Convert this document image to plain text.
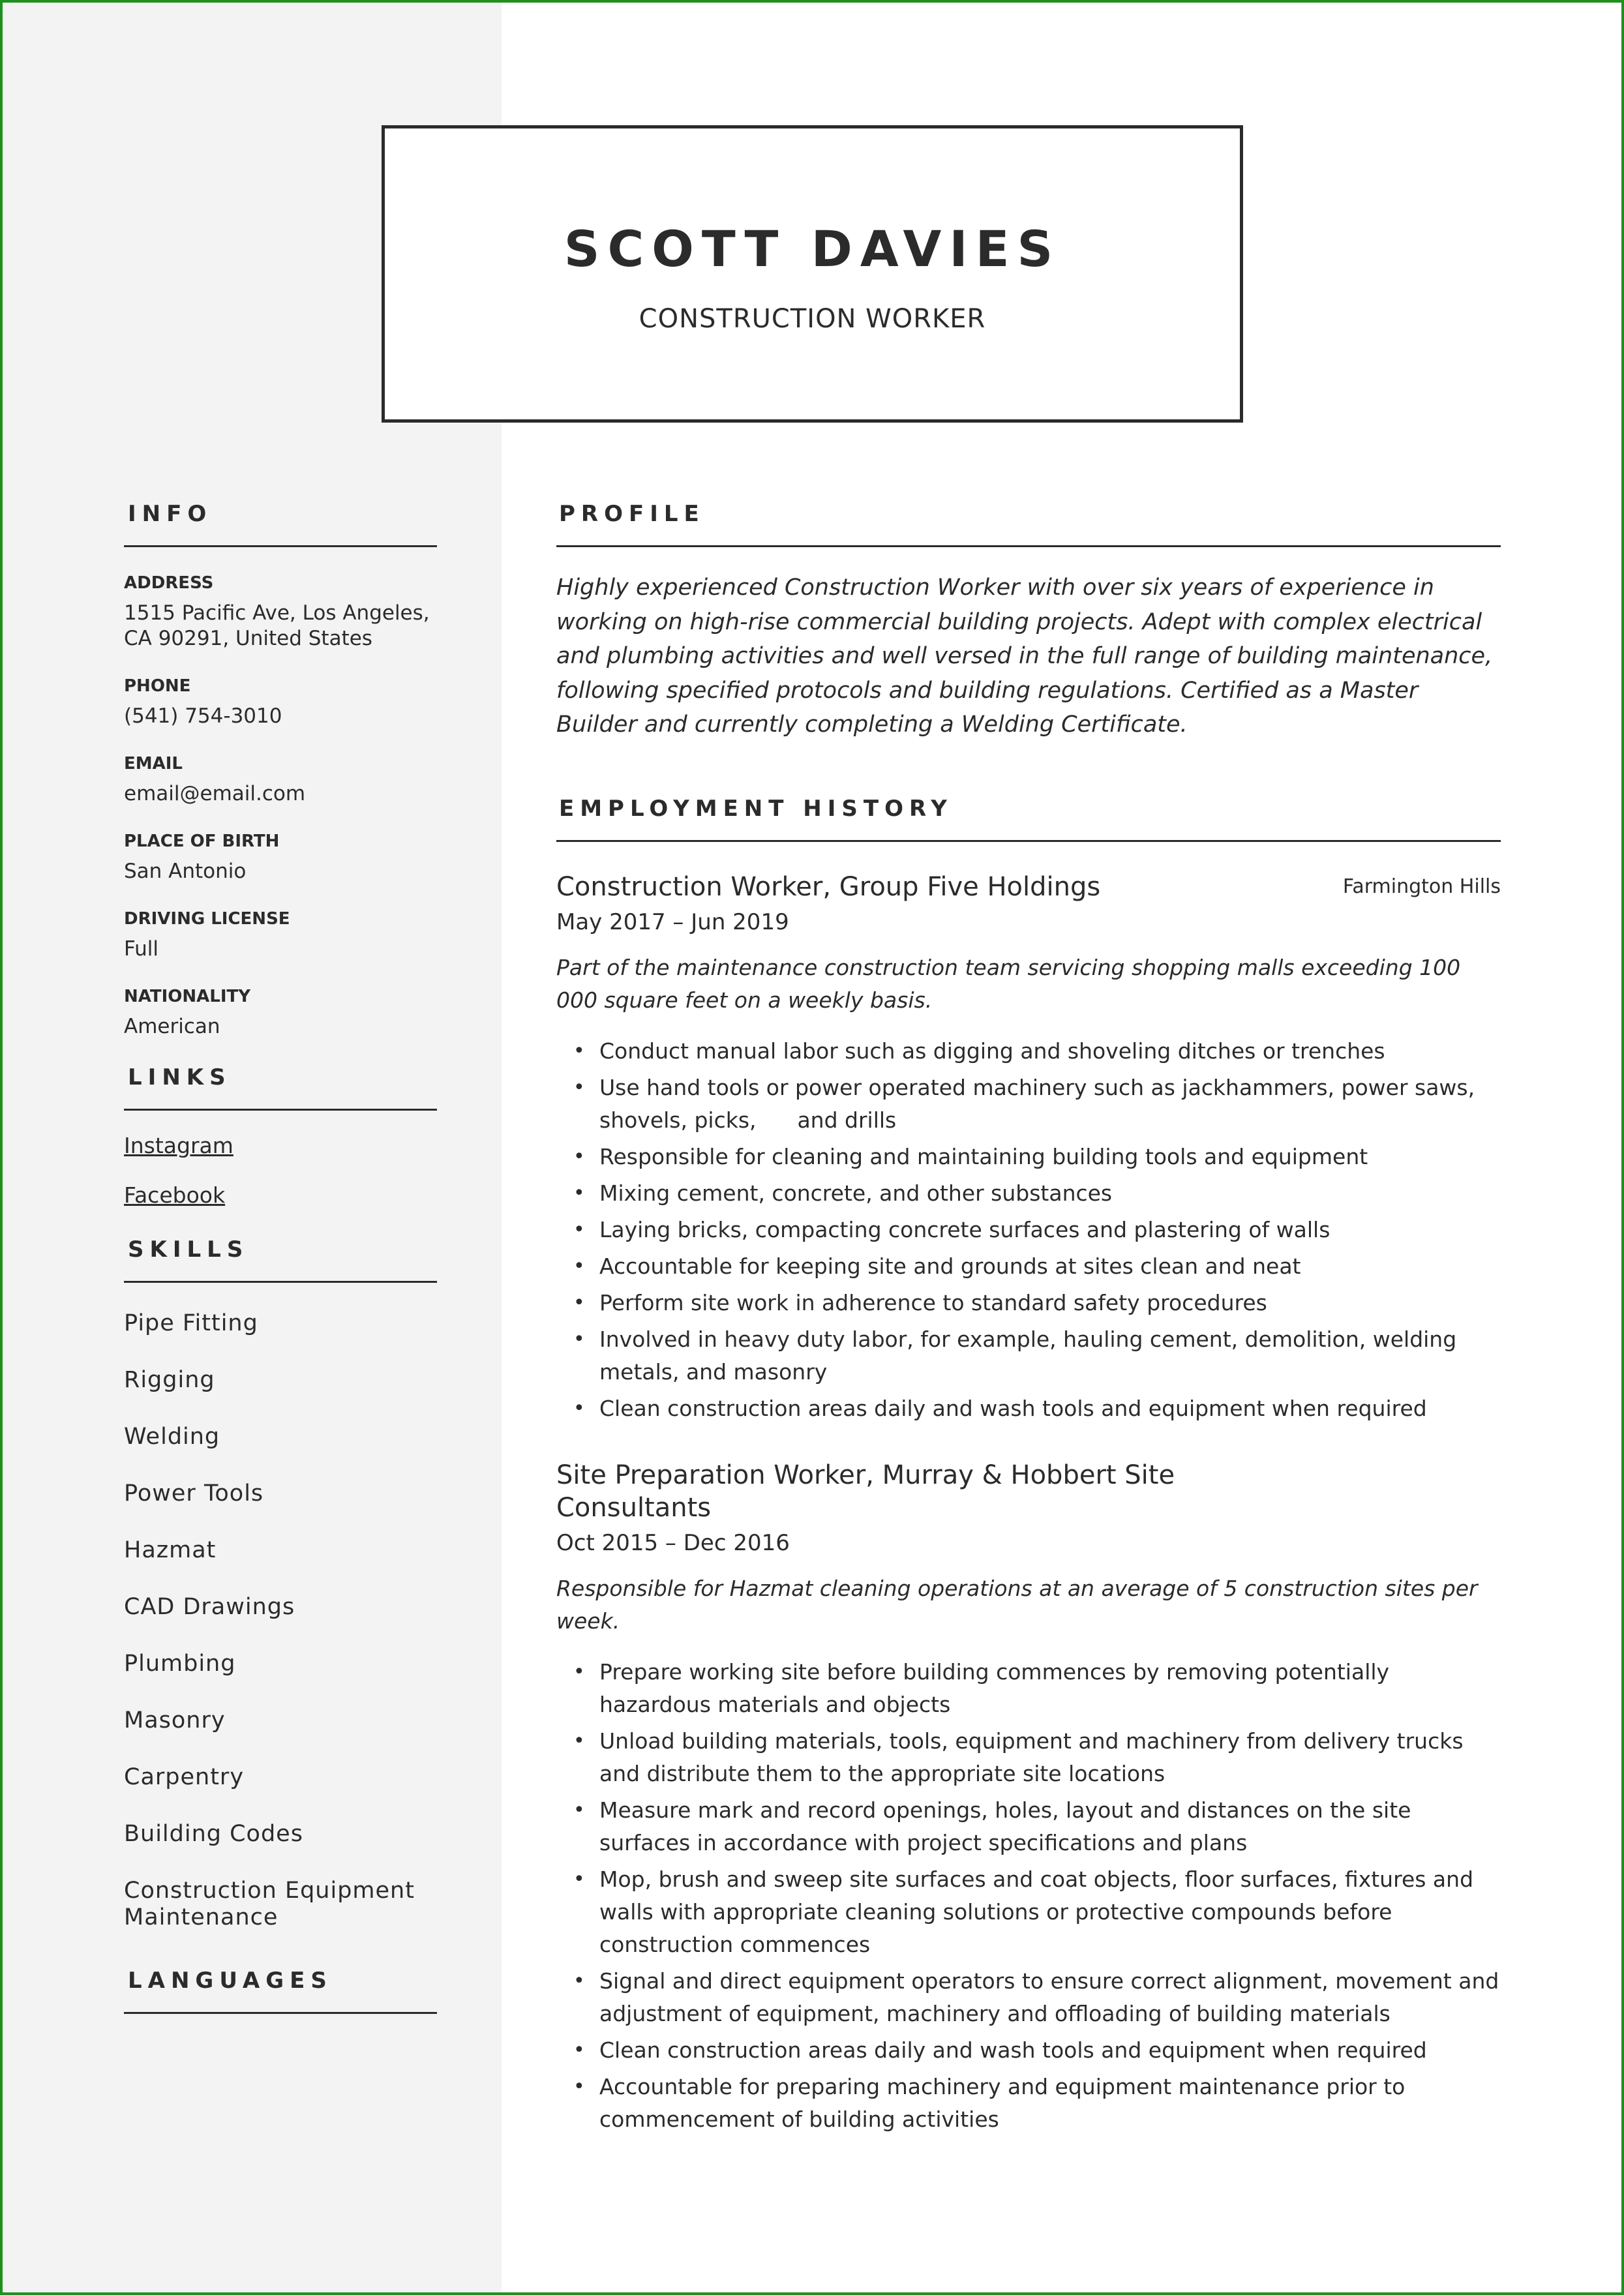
SCOTT DAVIES
CONSTRUCTION WORKER
INFO
ADDRESS
1515 Pacific Ave, Los Angeles, CA 90291, United States
PHONE
(541) 754-3010
EMAIL
email@email.com
PLACE OF BIRTH
San Antonio
DRIVING LICENSE
Full
NATIONALITY
American
LINKS
Instagram
Facebook
SKILLS
Pipe Fitting
Rigging
Welding
Power Tools
Hazmat
CAD Drawings
Plumbing
Masonry
Carpentry
Building Codes
Construction Equipment Maintenance
LANGUAGES
PROFILE

Highly experienced Construction Worker with over six years of experience in working on high-rise commercial building projects. Adept with complex electrical and plumbing activities and well versed in the full range of building maintenance, following specified protocols and building regulations. Certified as a Master Builder and currently completing a Welding Certificate.

EMPLOYMENT HISTORY
Construction Worker, Group Five Holdings	Farmington Hills
May 2017 – Jun 2019

Part of the maintenance construction team servicing shopping malls exceeding 100 000 square feet on a weekly basis.

• Conduct manual labor such as digging and shoveling ditches or trenches
• Use hand tools or power operated machinery such as jackhammers, power saws, shovels, picks,      and drills
• Responsible for cleaning and maintaining building tools and equipment
• Mixing cement, concrete, and other substances
• Laying bricks, compacting concrete surfaces and plastering of walls
• Accountable for keeping site and grounds at sites clean and neat
• Perform site work in adherence to standard safety procedures
• Involved in heavy duty labor, for example, hauling cement, demolition, welding metals, and masonry
• Clean construction areas daily and wash tools and equipment when required
Site Preparation Worker, Murray & Hobbert Site Consultants
Oct 2015 – Dec 2016

Responsible for Hazmat cleaning operations at an average of 5 construction sites per week.

• Prepare working site before building commences by removing potentially hazardous materials and objects
• Unload building materials, tools, equipment and machinery from delivery trucks and distribute them to the appropriate site locations
• Measure mark and record openings, holes, layout and distances on the site surfaces in accordance with project specifications and plans
• Mop, brush and sweep site surfaces and coat objects, floor surfaces, fixtures and walls with appropriate cleaning solutions or protective compounds before construction commences
• Signal and direct equipment operators to ensure correct alignment, movement and adjustment of equipment, machinery and offloading of building materials
• Clean construction areas daily and wash tools and equipment when required
• Accountable for preparing machinery and equipment maintenance prior to commencement of building activities
